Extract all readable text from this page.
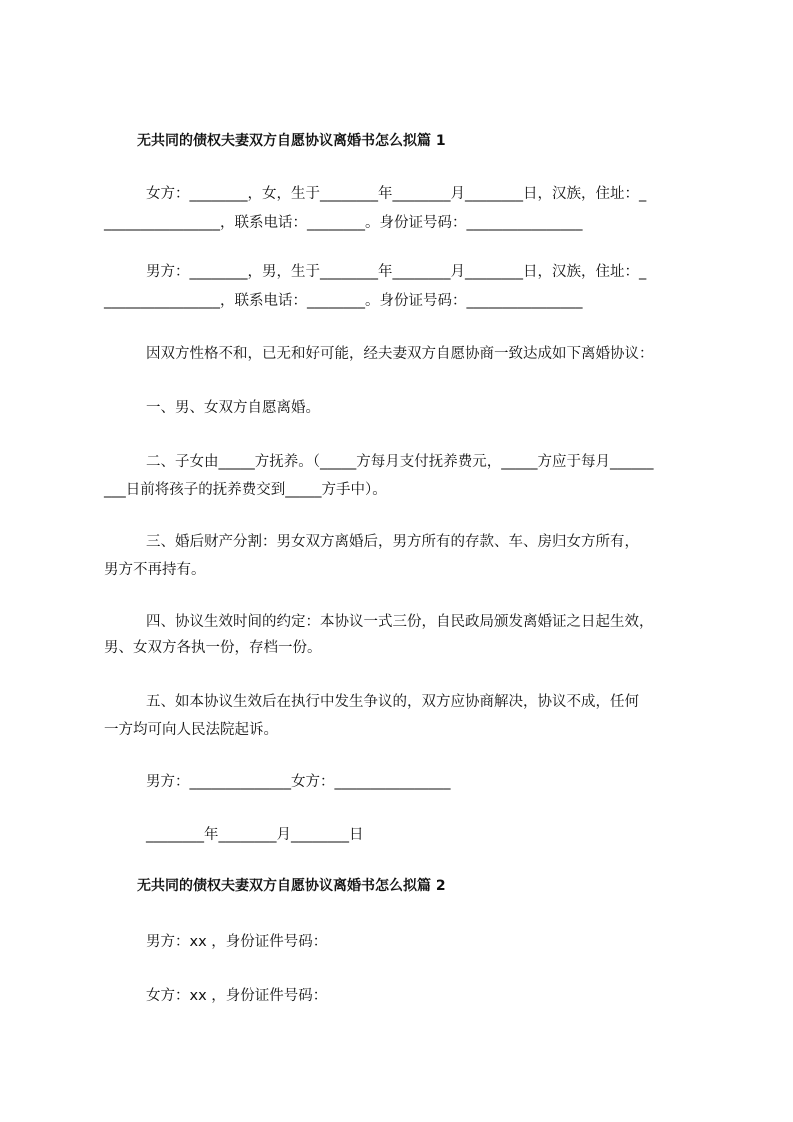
无共同的债权夫妻双方自愿协议离婚书怎么拟篇 1
女方：________，女，生于________年________月________日，汉族，住址：_
________________，联系电话：________。身份证号码：________________
男方：________，男，生于________年________月________日，汉族，住址：_
________________，联系电话：________。身份证号码：________________
因双方性格不和，已无和好可能，经夫妻双方自愿协商一致达成如下离婚协议：
一、男、女双方自愿离婚。
二、子女由_____方抚养。（_____方每月支付抚养费元，_____方应于每月______
___日前将孩子的抚养费交到_____方手中）。
三、婚后财产分割：男女双方离婚后，男方所有的存款、车、房归女方所有，
男方不再持有。
四、协议生效时间的约定：本协议一式三份，自民政局颁发离婚证之日起生效，
男、女双方各执一份，存档一份。
五、如本协议生效后在执行中发生争议的，双方应协商解决，协议不成，任何
一方均可向人民法院起诉。
男方：______________女方：________________
________年________月________日
无共同的债权夫妻双方自愿协议离婚书怎么拟篇 2
男方：xx ，身份证件号码：
女方：xx ，身份证件号码：
